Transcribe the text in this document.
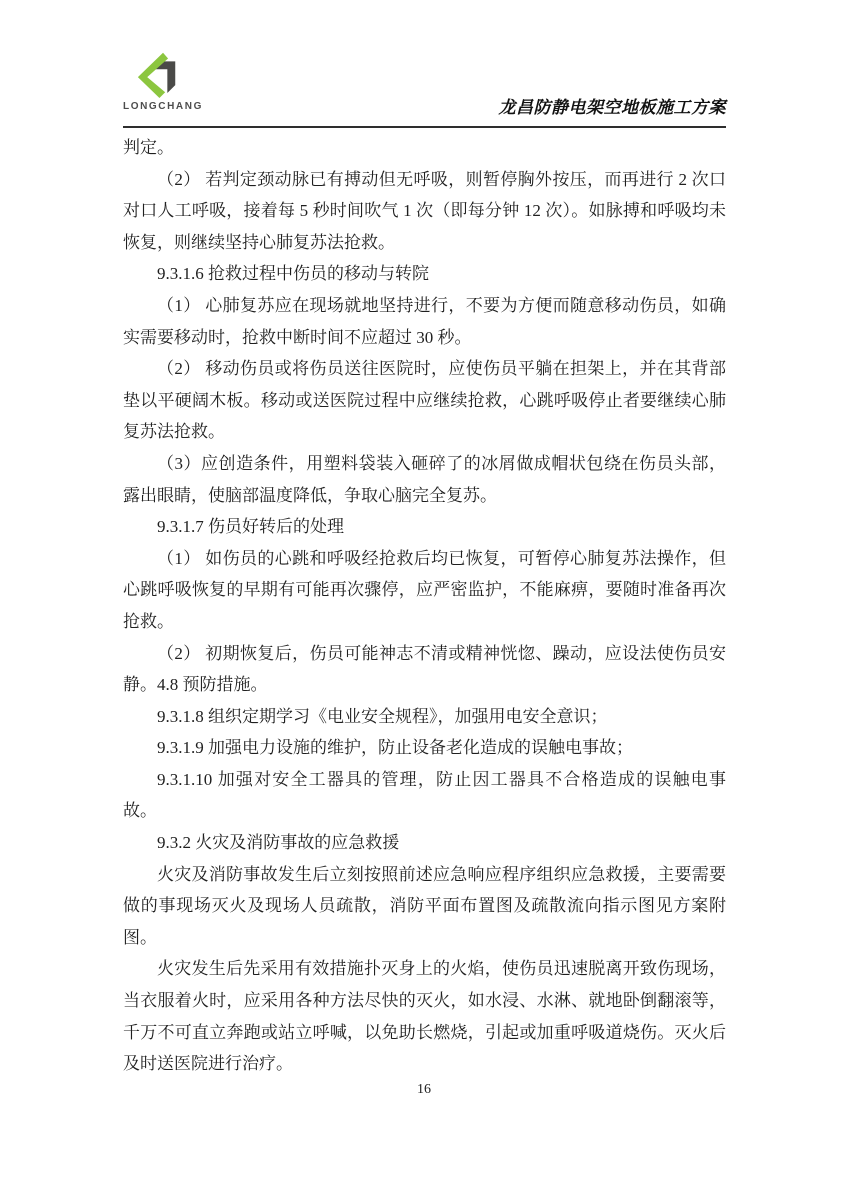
LONGCHANG	龙昌防静电架空地板施工方案

判定。

（2） 若判定颈动脉已有搏动但无呼吸，则暂停胸外按压，而再进行 2 次口对口人工呼吸，接着每 5 秒时间吹气 1 次（即每分钟 12 次）。如脉搏和呼吸均未恢复，则继续坚持心肺复苏法抢救。

9.3.1.6 抢救过程中伤员的移动与转院

（1） 心肺复苏应在现场就地坚持进行，不要为方便而随意移动伤员，如确实需要移动时，抢救中断时间不应超过 30 秒。

（2） 移动伤员或将伤员送往医院时，应使伤员平躺在担架上，并在其背部垫以平硬阔木板。移动或送医院过程中应继续抢救，心跳呼吸停止者要继续心肺复苏法抢救。

（3）应创造条件，用塑料袋装入砸碎了的冰屑做成帽状包绕在伤员头部，露出眼睛，使脑部温度降低，争取心脑完全复苏。

9.3.1.7 伤员好转后的处理

（1） 如伤员的心跳和呼吸经抢救后均已恢复，可暂停心肺复苏法操作，但心跳呼吸恢复的早期有可能再次骤停，应严密监护，不能麻痹，要随时准备再次抢救。

（2） 初期恢复后，伤员可能神志不清或精神恍惚、躁动，应设法使伤员安静。4.8 预防措施。

9.3.1.8 组织定期学习《电业安全规程》，加强用电安全意识；

9.3.1.9 加强电力设施的维护，防止设备老化造成的误触电事故；

9.3.1.10 加强对安全工器具的管理，防止因工器具不合格造成的误触电事故。

9.3.2 火灾及消防事故的应急救援

火灾及消防事故发生后立刻按照前述应急响应程序组织应急救援，主要需要做的事现场灭火及现场人员疏散，消防平面布置图及疏散流向指示图见方案附图。

火灾发生后先采用有效措施扑灭身上的火焰，使伤员迅速脱离开致伤现场，当衣服着火时，应采用各种方法尽快的灭火，如水浸、水淋、就地卧倒翻滚等，千万不可直立奔跑或站立呼喊，以免助长燃烧，引起或加重呼吸道烧伤。灭火后及时送医院进行治疗。

16
